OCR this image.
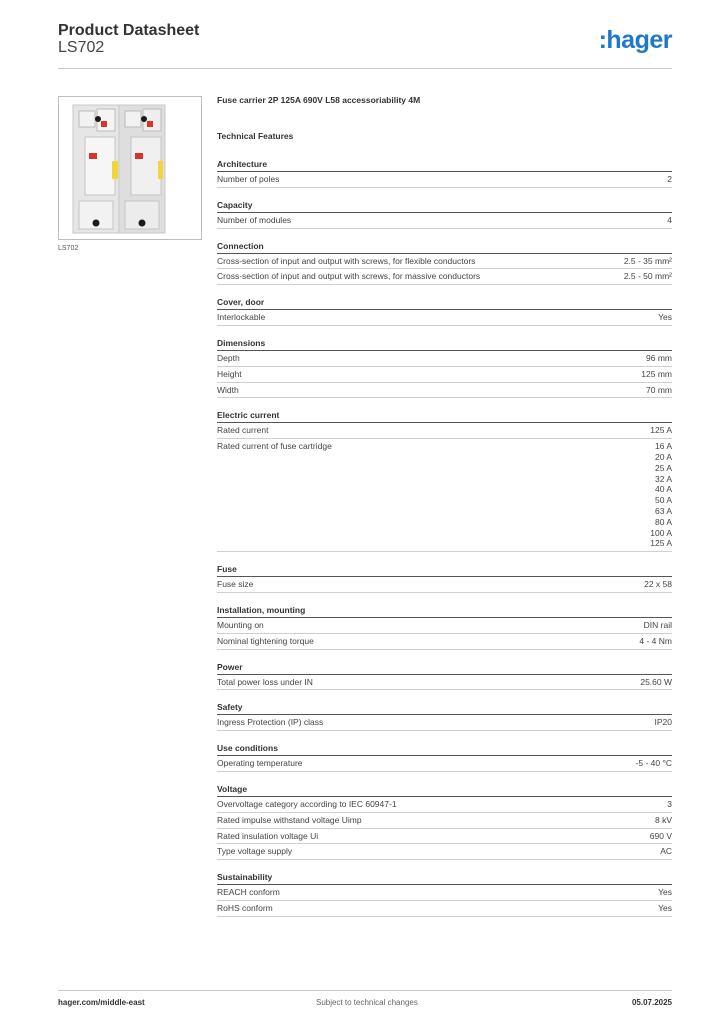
Product Datasheet
LS702	:hager
LS702
Fuse carrier 2P 125A 690V L58 accessoriability 4M
Technical Features
Architecture
Number of poles	2
Capacity
Number of modules	4
Connection
Cross-section of input and output with screws, for flexible conductors	2.5 - 35 mm²
Cross-section of input and output with screws, for massive conductors	2.5 - 50 mm²
Cover, door
Interlockable	Yes
Dimensions
Depth	96 mm
Height	125 mm
Width	70 mm
Electric current
Rated current	125 A
Rated current of fuse cartridge	16 A
20 A
25 A
32 A
40 A
50 A
63 A
80 A
100 A
125 A
Fuse
Fuse size	22 x 58
Installation, mounting
Mounting on	DIN rail
Nominal tightening torque	4 - 4 Nm
Power
Total power loss under IN	25.60 W
Safety
Ingress Protection (IP) class	IP20
Use conditions
Operating temperature	-5 - 40 °C
Voltage
Overvoltage category according to IEC 60947-1	3
Rated impulse withstand voltage Uimp	8 kV
Rated insulation voltage Ui	690 V
Type voltage supply	AC
Sustainability
REACH conform	Yes
RoHS conform	Yes
hager.com/middle-east	Subject to technical changes	05.07.2025
